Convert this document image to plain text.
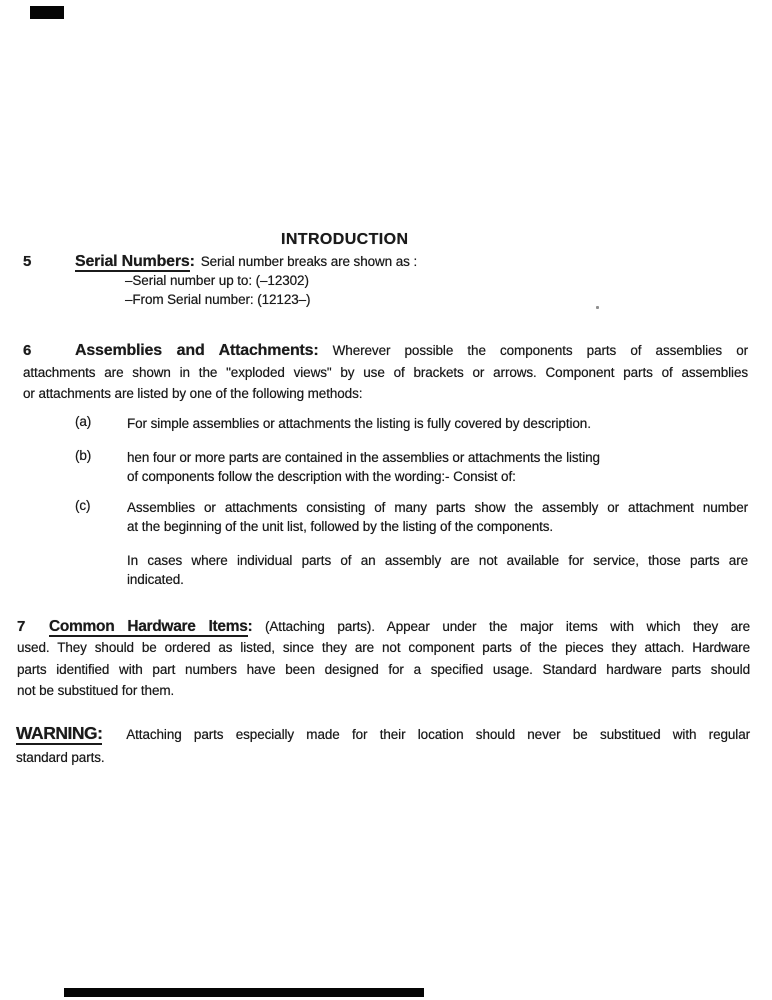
INTRODUCTION
5	Serial Numbers: Serial number breaks are shown as :
–Serial number up to: (–12302)
–From Serial number: (12123–)
6	Assemblies and Attachments: Wherever possible the components parts of assemblies or
attachments are shown in the "exploded views" by use of brackets or arrows. Component parts of assemblies
or attachments are listed by one of the following methods:
(a)	For simple assemblies or attachments the listing is fully covered by description.
(b)	hen four or more parts are contained in the assemblies or attachments the listing
of components follow the description with the wording:- Consist of:
(c)	Assemblies or attachments consisting of many parts show the assembly or attachment number
at the beginning of the unit list, followed by the listing of the components.
In cases where individual parts of an assembly are not available for service, those parts are
indicated.
7 Common Hardware Items: (Attaching parts). Appear under the major items with which they are
used. They should be ordered as listed, since they are not component parts of the pieces they attach. Hardware
parts identified with part numbers have been designed for a specified usage. Standard hardware parts should
not be substitued for them.
WARNING: Attaching parts especially made for their location should never be substitued with regular
standard parts.
